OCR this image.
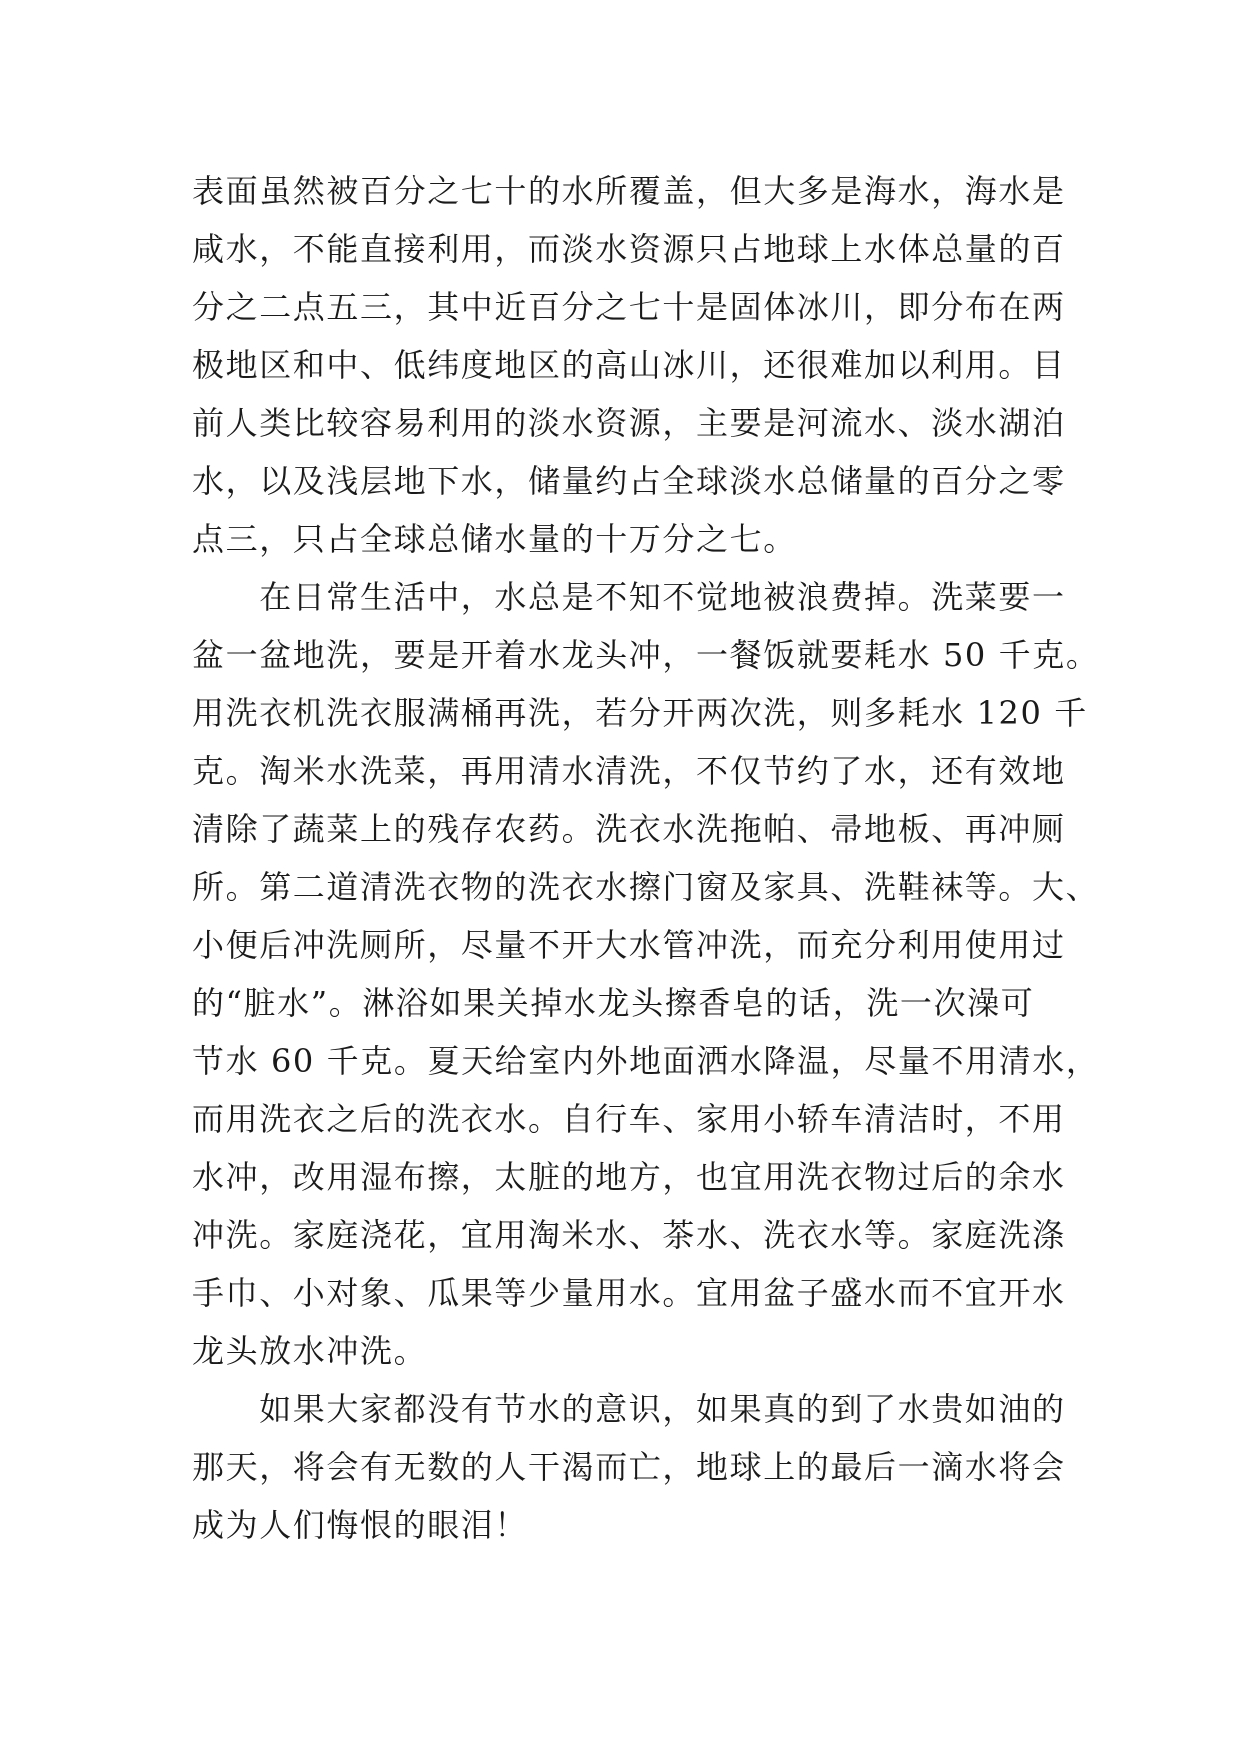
表面虽然被百分之七十的水所覆盖，但大多是海水，海水是
咸水，不能直接利用，而淡水资源只占地球上水体总量的百
分之二点五三，其中近百分之七十是固体冰川，即分布在两
极地区和中、低纬度地区的高山冰川，还很难加以利用。目
前人类比较容易利用的淡水资源，主要是河流水、淡水湖泊
水，以及浅层地下水，储量约占全球淡水总储量的百分之零
点三，只占全球总储水量的十万分之七。
　　在日常生活中，水总是不知不觉地被浪费掉。洗菜要一
盆一盆地洗，要是开着水龙头冲，一餐饭就要耗水 50 千克。
用洗衣机洗衣服满桶再洗，若分开两次洗，则多耗水 120 千
克。淘米水洗菜，再用清水清洗，不仅节约了水，还有效地
清除了蔬菜上的残存农药。洗衣水洗拖帕、帚地板、再冲厕
所。第二道清洗衣物的洗衣水擦门窗及家具、洗鞋袜等。大、
小便后冲洗厕所，尽量不开大水管冲洗，而充分利用使用过
的“脏水”。淋浴如果关掉水龙头擦香皂的话，洗一次澡可
节水 60 千克。夏天给室内外地面洒水降温，尽量不用清水，
而用洗衣之后的洗衣水。自行车、家用小轿车清洁时，不用
水冲，改用湿布擦，太脏的地方，也宜用洗衣物过后的余水
冲洗。家庭浇花，宜用淘米水、茶水、洗衣水等。家庭洗涤
手巾、小对象、瓜果等少量用水。宜用盆子盛水而不宜开水
龙头放水冲洗。
　　如果大家都没有节水的意识，如果真的到了水贵如油的
那天，将会有无数的人干渴而亡，地球上的最后一滴水将会
成为人们悔恨的眼泪！
